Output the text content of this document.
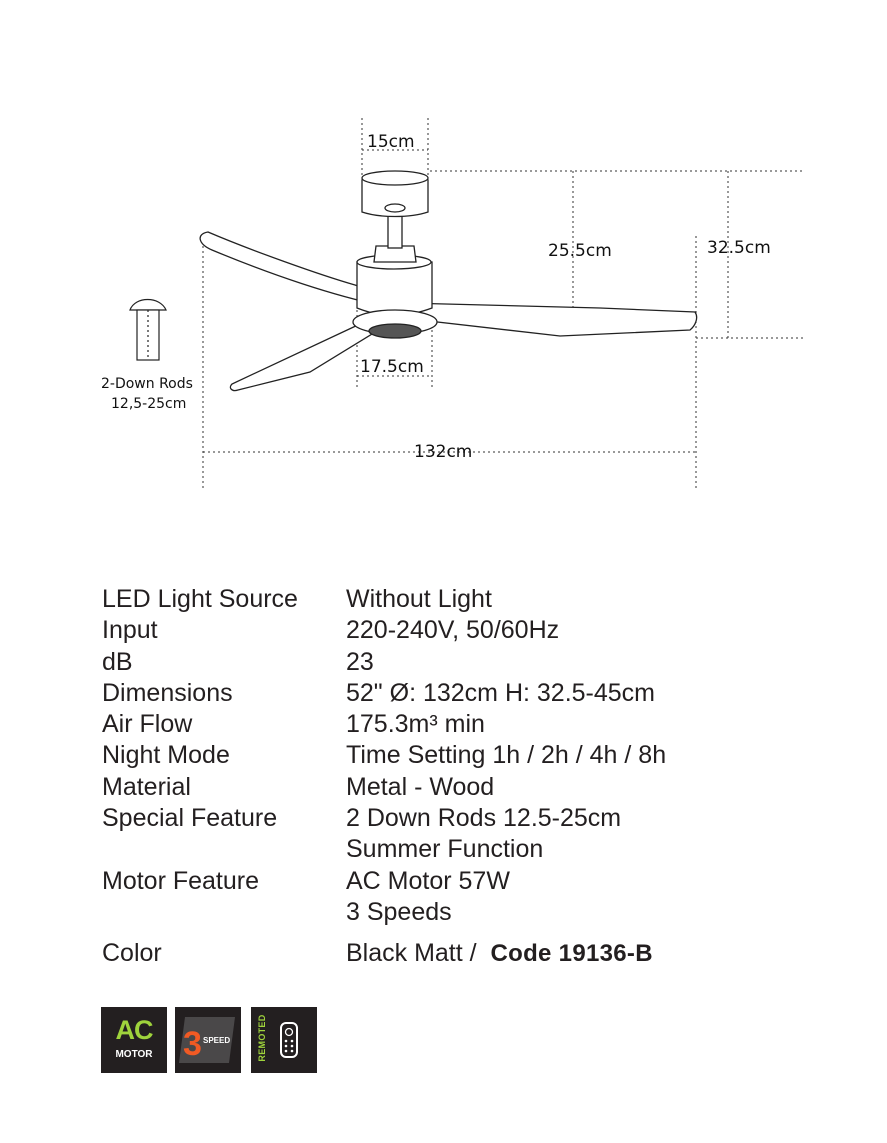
15cm
25.5cm	32.5cm
17.5cm
132cm
2-Down Rods
12,5-25cm
LED Light Source	Without Light
Input	220-240V, 50/60Hz
dB	23
Dimensions	52" Ø: 132cm H: 32.5-45cm
Air Flow	175.3m³ min
Night Mode	Time Setting 1h / 2h / 4h / 8h
Material	Metal - Wood
Special Feature	2 Down Rods 12.5-25cm
Summer Function
Motor Feature	AC Motor 57W
3 Speeds
Color	Black Matt / Code 19136-B
AC
MOTOR 3 SPEED	REMOTED
